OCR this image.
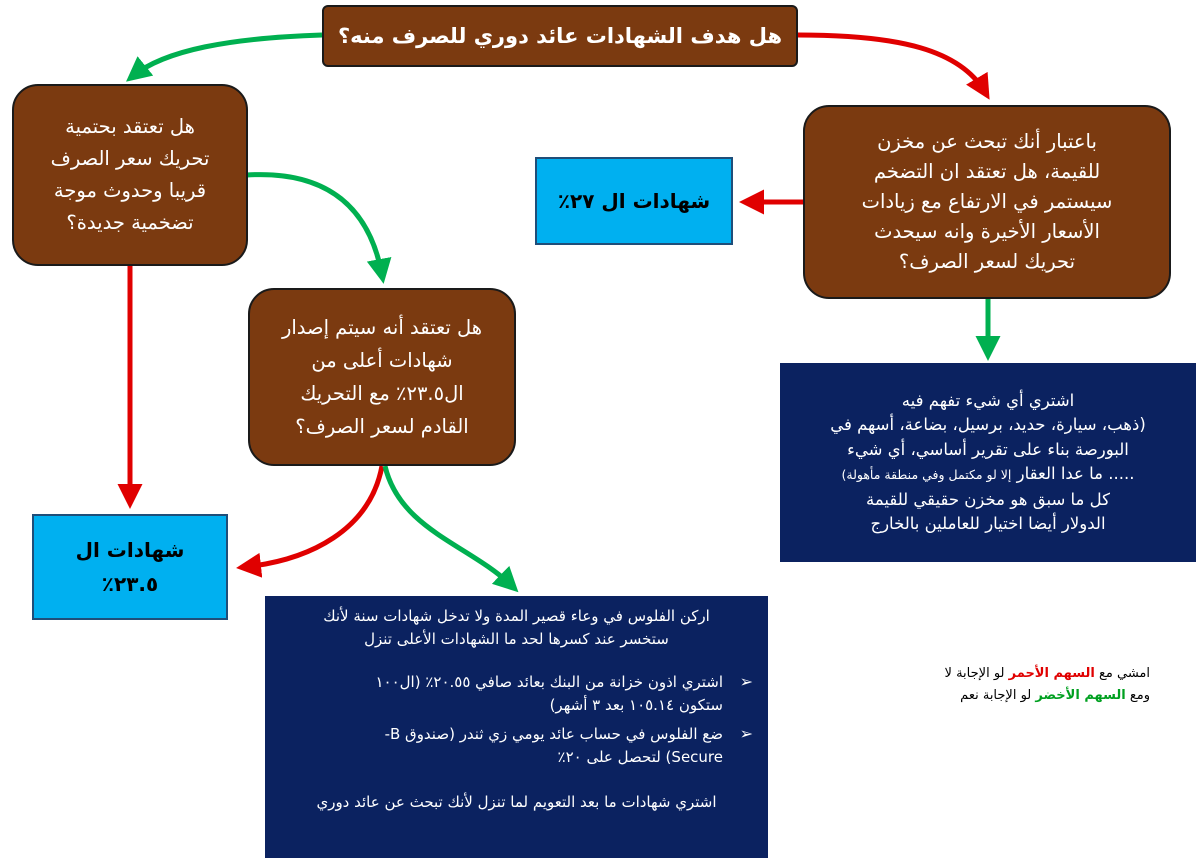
هل هدف الشهادات عائد دوري للصرف منه؟
باعتبار أنك تبحث عن مخزن
للقيمة، هل تعتقد ان التضخم
سيستمر في الارتفاع مع زيادات
الأسعار الأخيرة وانه سيحدث
تحريك لسعر الصرف؟
هل تعتقد بحتمية
تحريك سعر الصرف
قريبا وحدوث موجة
تضخمية جديدة؟
هل تعتقد أنه سيتم إصدار
شهادات أعلى من
ال٢٣.٥٪ مع التحريك
القادم لسعر الصرف؟
شهادات ال ٢٧٪
شهادات ال
٢٣.٥٪
اشتري أي شيء تفهم فيه
(ذهب، سيارة، حديد، برسيل، بضاعة، أسهم في
البورصة بناء على تقرير أساسي، أي شيء
..... ما عدا العقار إلا لو مكتمل وفي منطقة مأهولة)
كل ما سبق هو مخزن حقيقي للقيمة
الدولار أيضا اختيار للعاملين بالخارج
اركن الفلوس في وعاء قصير المدة ولا تدخل شهادات سنة لأنك
ستخسر عند كسرها لحد ما الشهادات الأعلى تنزل
➢
اشتري اذون خزانة من البنك بعائد صافي ٢٠.٥٥٪ (ال١٠٠
ستكون ١٠٥.١٤ بعد ٣ أشهر)
➢
ضع الفلوس في حساب عائد يومي زي ثندر (صندوق B-
Secure) لتحصل على ٢٠٪
اشتري شهادات ما بعد التعويم لما تنزل لأنك تبحث عن عائد دوري
امشي مع السهم الأحمر لو الإجابة لا
ومع السهم الأخضر لو الإجابة نعم
